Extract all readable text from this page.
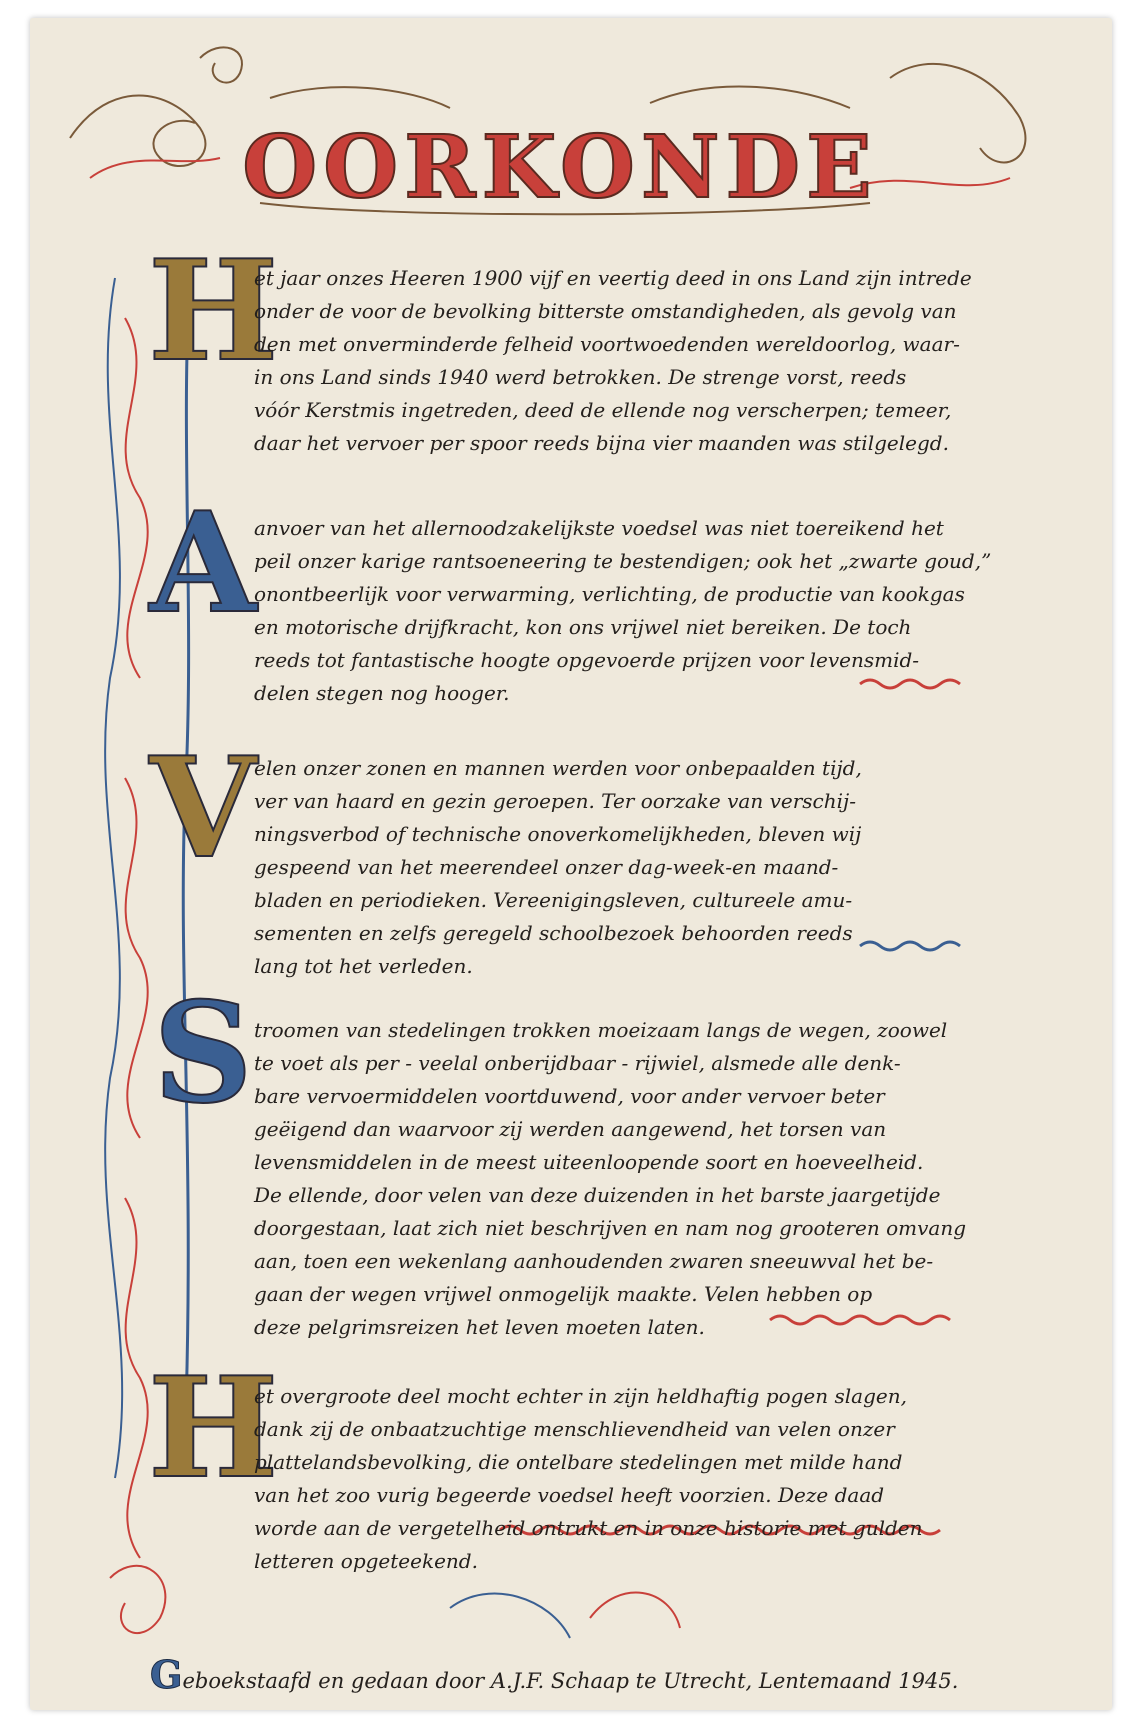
OORKONDE
H
A
V
S
H
et jaar onzes Heeren 1900 vijf en veertig deed in ons Land zijn intrede
onder de voor de bevolking bitterste omstandigheden, als gevolg van
den met onverminderde felheid voortwoedenden wereldoorlog, waar-
in ons Land sinds 1940 werd betrokken. De strenge vorst, reeds
vóór Kerstmis ingetreden, deed de ellende nog verscherpen; temeer,
daar het vervoer per spoor reeds bijna vier maanden was stilgelegd.
anvoer van het allernoodzakelijkste voedsel was niet toereikend het
peil onzer karige rantsoeneering te bestendigen; ook het „zwarte goud,”
onontbeerlijk voor verwarming, verlichting, de productie van kookgas
en motorische drijfkracht, kon ons vrijwel niet bereiken. De toch
reeds tot fantastische hoogte opgevoerde prijzen voor levensmid-
delen stegen nog hooger.
elen onzer zonen en mannen werden voor onbepaalden tijd,
ver van haard en gezin geroepen. Ter oorzake van verschij-
ningsverbod of technische onoverkomelijkheden, bleven wij
gespeend van het meerendeel onzer dag-week-en maand-
bladen en periodieken. Vereenigingsleven, cultureele amu-
sementen en zelfs geregeld schoolbezoek behoorden reeds
lang tot het verleden.
troomen van stedelingen trokken moeizaam langs de wegen, zoowel
te voet als per - veelal onberijdbaar - rijwiel, alsmede alle denk-
bare vervoermiddelen voortduwend, voor ander vervoer beter
geëigend dan waarvoor zij werden aangewend, het torsen van
levensmiddelen in de meest uiteenloopende soort en hoeveelheid.
De ellende, door velen van deze duizenden in het barste jaargetijde
doorgestaan, laat zich niet beschrijven en nam nog grooteren omvang
aan, toen een wekenlang aanhoudenden zwaren sneeuwval het be-
gaan der wegen vrijwel onmogelijk maakte. Velen hebben op
deze pelgrimsreizen het leven moeten laten.
et overgroote deel mocht echter in zijn heldhaftig pogen slagen,
dank zij de onbaatzuchtige menschlievendheid van velen onzer
plattelandsbevolking, die ontelbare stedelingen met milde hand
van het zoo vurig begeerde voedsel heeft voorzien. Deze daad
worde aan de vergetelheid ontrukt en in onze historie met gulden
letteren opgeteekend.
Geboekstaafd en gedaan door A.J.F. Schaap te Utrecht, Lentemaand 1945.
